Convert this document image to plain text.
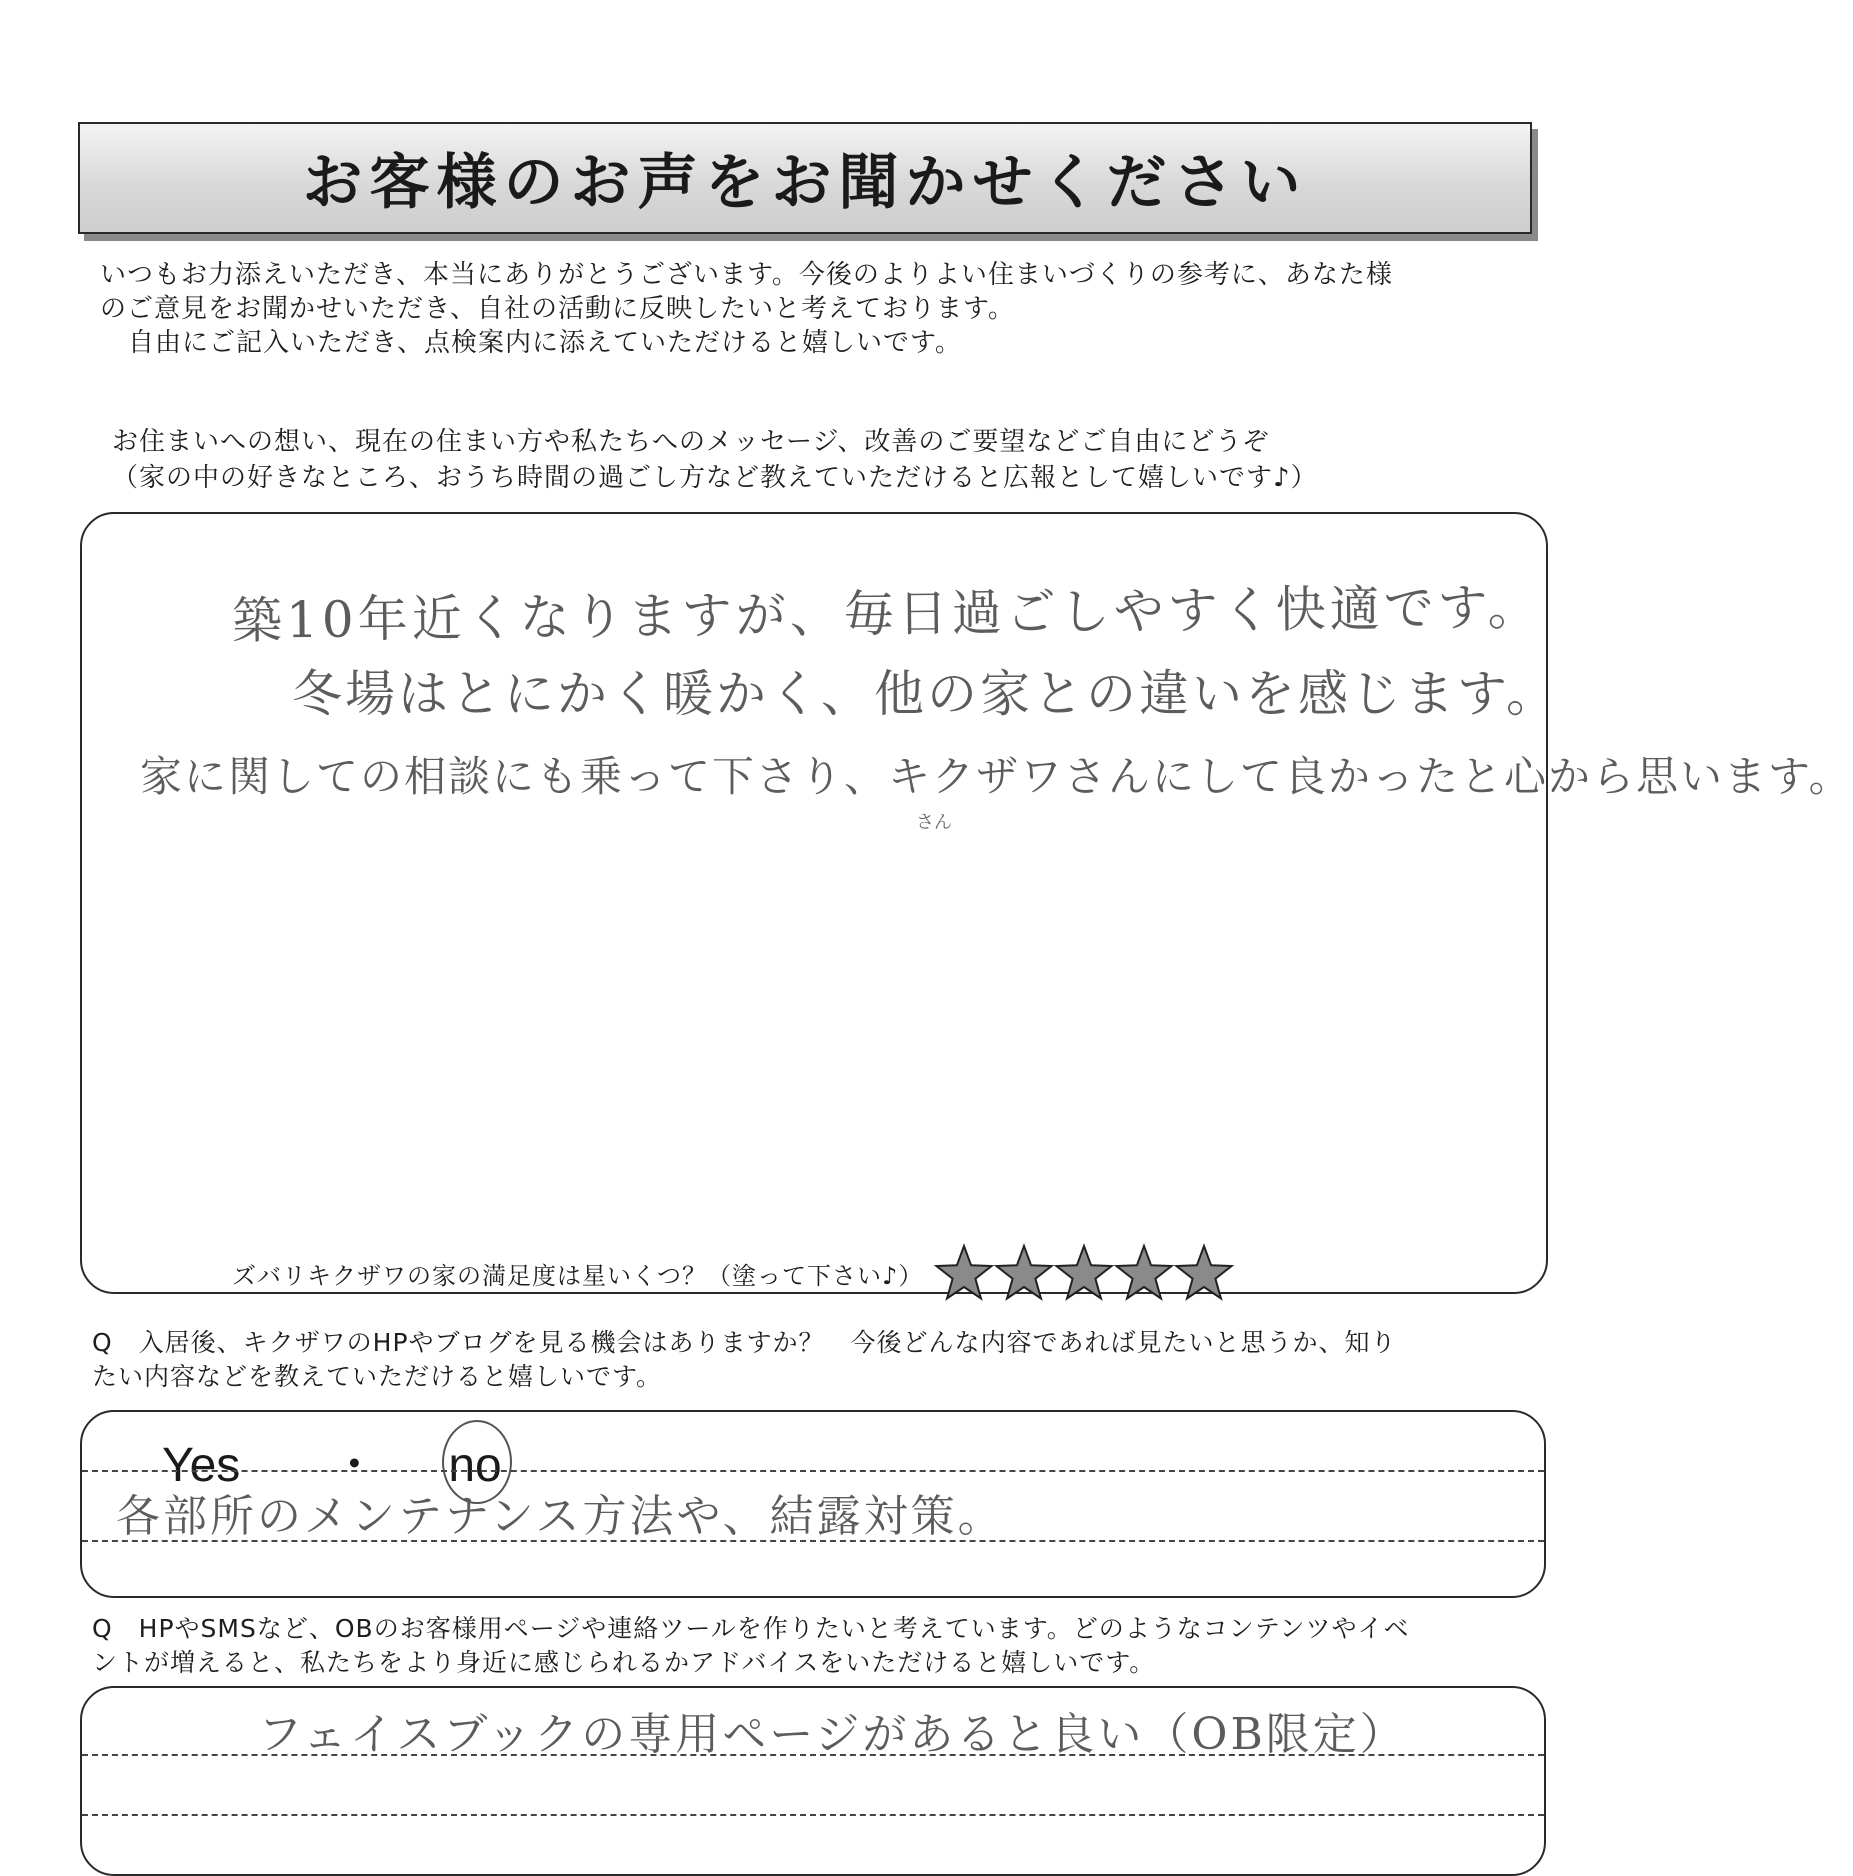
お客様のお声をお聞かせください
いつもお力添えいただき、本当にありがとうございます。今後のよりよい住まいづくりの参考に、あなた様
のご意見をお聞かせいただき、自社の活動に反映したいと考えております。
自由にご記入いただき、点検案内に添えていただけると嬉しいです。
お住まいへの想い、現在の住まい方や私たちへのメッセージ、改善のご要望などご自由にどうぞ
（家の中の好きなところ、おうち時間の過ごし方など教えていただけると広報として嬉しいです♪）
築10年近くなりますが、毎日過ごしやすく快適です。
冬場はとにかく暖かく、他の家との違いを感じます。
家に関しての相談にも乗って下さり、キクザワさんにして良かったと心から思います。
さん
ズバリキクザワの家の満足度は星いくつ？（塗って下さい♪）
Q　入居後、キクザワのHPやブログを見る機会はありますか？　今後どんな内容であれば見たいと思うか、知り
たい内容などを教えていただけると嬉しいです。
Yes ・ no
各部所のメンテナンス方法や、結露対策。
Q　HPやSMSなど、OBのお客様用ページや連絡ツールを作りたいと考えています。どのようなコンテンツやイベ
ントが増えると、私たちをより身近に感じられるかアドバイスをいただけると嬉しいです。
フェイスブックの専用ページがあると良い（OB限定）
